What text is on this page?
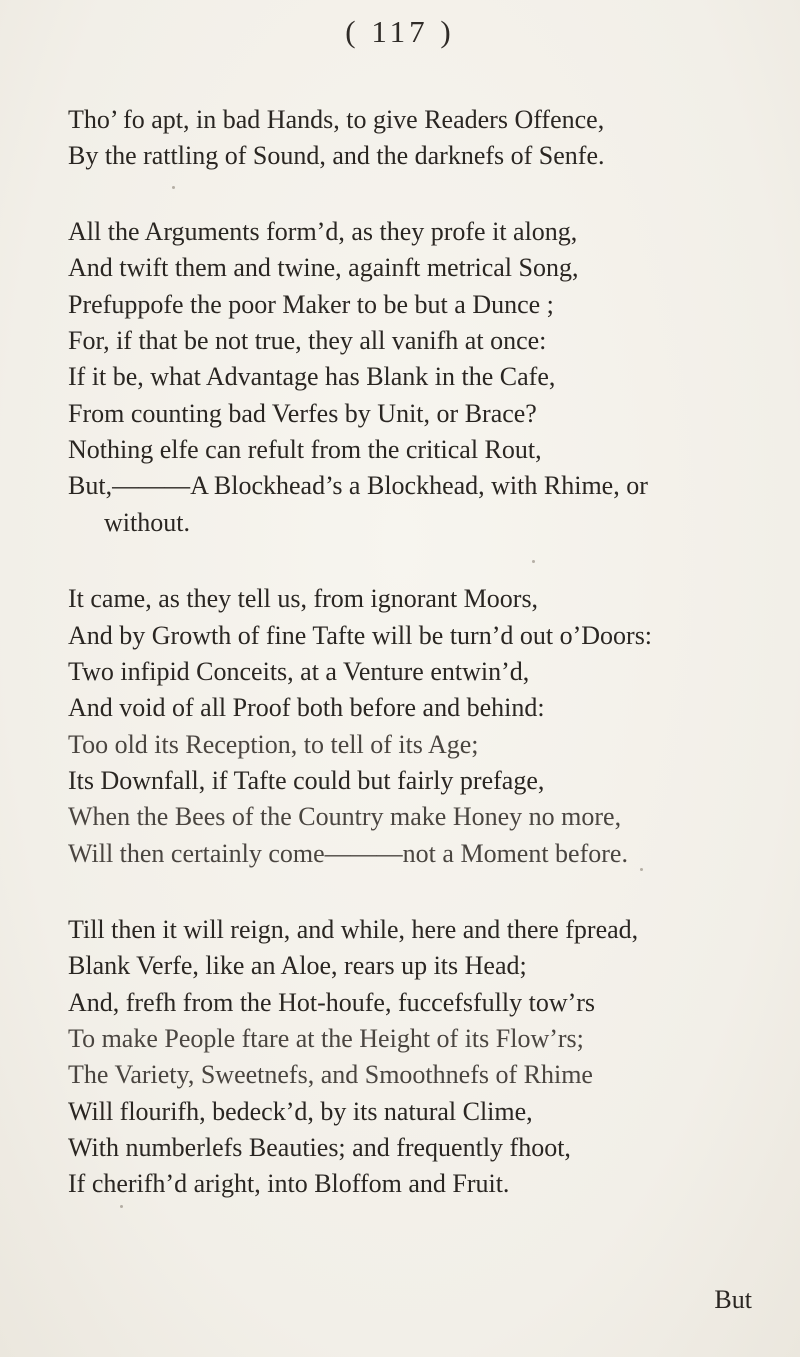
( 117 )
Tho’ fo apt, in bad Hands, to give Readers Offence,
By the rattling of Sound, and the darknefs of Senfe.
All the Arguments form’d, as they profe it along,
And twift them and twine, againft metrical Song,
Prefuppofe the poor Maker to be but a Dunce ;
For, if that be not true, they all vanifh at once:
If it be, what Advantage has Blank in the Cafe,
From counting bad Verfes by Unit, or Brace?
Nothing elfe can refult from the critical Rout,
But,———A Blockhead’s a Blockhead, with Rhime, or
without.
It came, as they tell us, from ignorant Moors,
And by Growth of fine Tafte will be turn’d out o’Doors:
Two infipid Conceits, at a Venture entwin’d,
And void of all Proof both before and behind:
Too old its Reception, to tell of its Age;
Its Downfall, if Tafte could but fairly prefage,
When the Bees of the Country make Honey no more,
Will then certainly come———not a Moment before.
Till then it will reign, and while, here and there fpread,
Blank Verfe, like an Aloe, rears up its Head;
And, frefh from the Hot-houfe, fuccefsfully tow’rs
To make People ftare at the Height of its Flow’rs;
The Variety, Sweetnefs, and Smoothnefs of Rhime
Will flourifh, bedeck’d, by its natural Clime,
With numberlefs Beauties; and frequently fhoot,
If cherifh’d aright, into Bloffom and Fruit.
But
